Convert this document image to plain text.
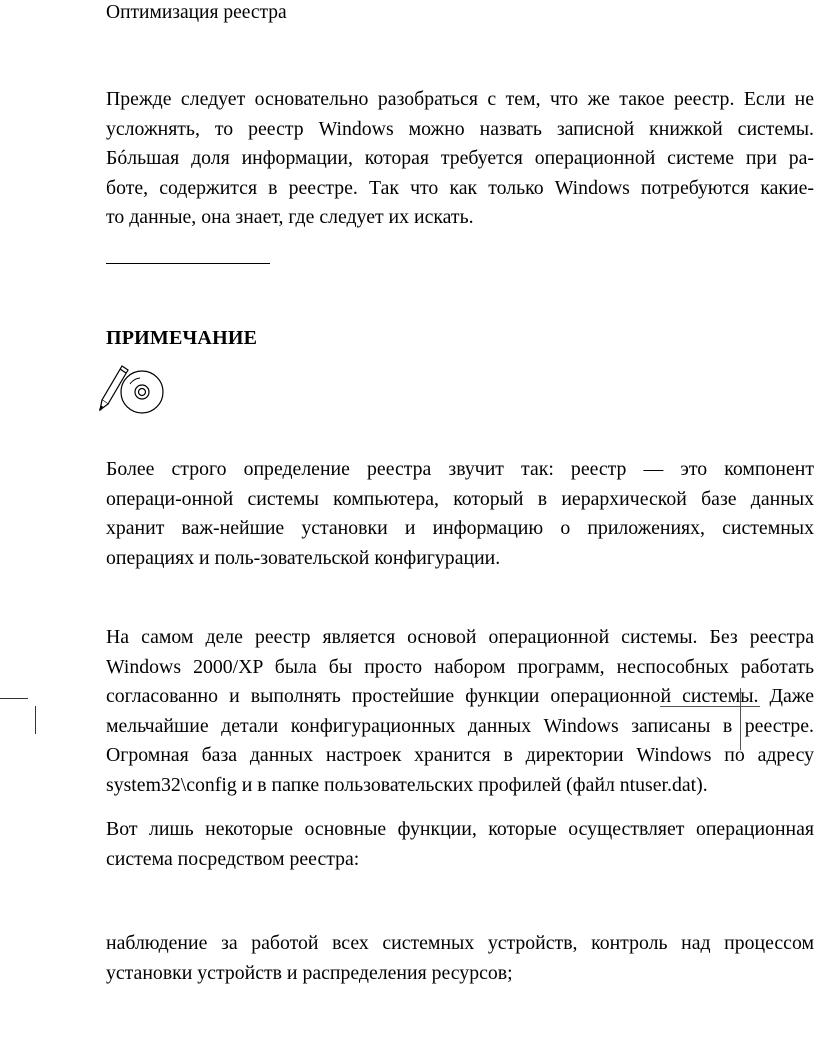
Оптимизация реестра
Прежде следует основательно разобраться с тем, что же такое реестр. Если не
усложнять, то реестр Windows можно назвать записной книжкой системы.
Бóльшая доля информации, которая требуется операционной системе при ра-
боте, содержится в реестре. Так что как только Windows потребуются какие-
то данные, она знает, где следует их искать.
ПРИМЕЧАНИЕ
Более строго определение реестра звучит так: реестр — это компонент
операци-онной системы компьютера, который в иерархической базе данных
хранит важ-нейшие установки и информацию о приложениях, системных
операциях и поль-зовательской конфигурации.
На самом деле реестр является основой операционной системы. Без реестра
Windows 2000/XP была бы просто набором программ, неспособных работать
согласованно и выполнять простейшие функции операционной системы. Даже
мельчайшие детали конфигурационных данных Windows записаны в реестре.
Огромная база данных настроек хранится в директории Windows по адресу
system32\config и в папке пользовательских профилей (файл ntuser.dat).
Вот лишь некоторые основные функции, которые осуществляет операционная
система посредством реестра:
наблюдение за работой всех системных устройств, контроль над процессом
установки устройств и распределения ресурсов;
